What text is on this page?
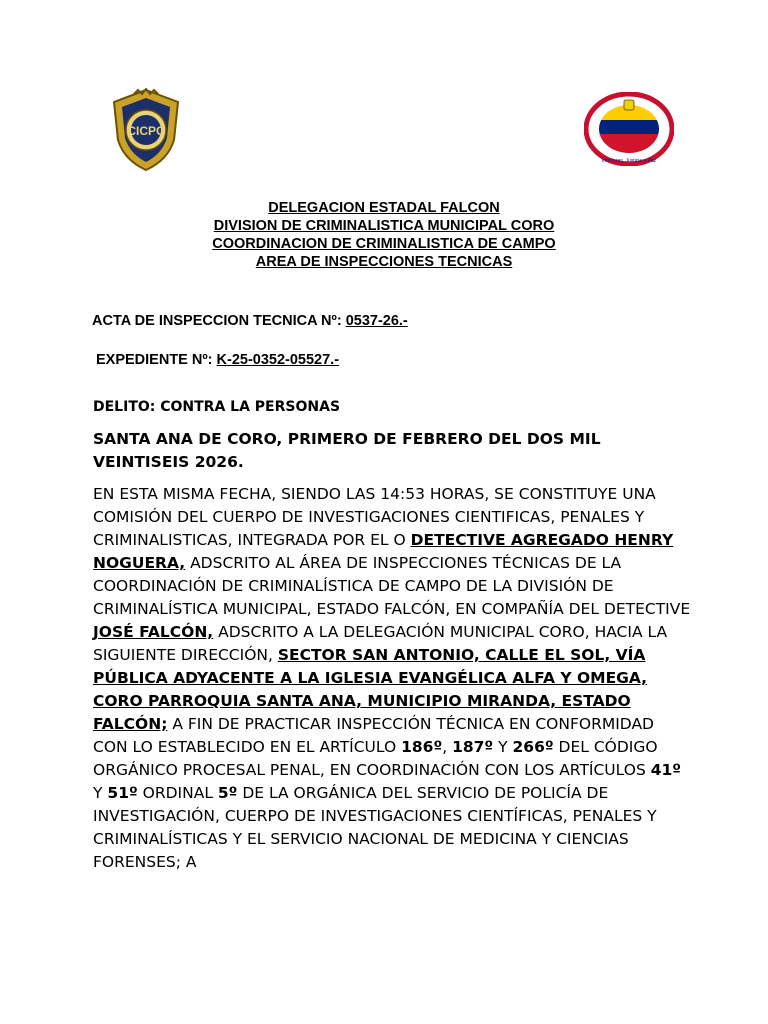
CICPC
Interiores, Justicia y Paz
DELEGACION ESTADAL FALCON
DIVISION DE CRIMINALISTICA MUNICIPAL CORO
COORDINACION DE CRIMINALISTICA DE CAMPO
AREA DE INSPECCIONES TECNICAS
ACTA DE INSPECCION TECNICA Nº: 0537-26.-
EXPEDIENTE Nº: K-25-0352-05527.-
DELITO: CONTRA LA PERSONAS
SANTA ANA DE CORO, PRIMERO DE FEBRERO DEL DOS MIL VEINTISEIS 2026.
EN ESTA MISMA FECHA, SIENDO LAS 14:53 HORAS, SE CONSTITUYE UNA COMISIÓN DEL CUERPO DE INVESTIGACIONES CIENTIFICAS, PENALES Y CRIMINALISTICAS, INTEGRADA POR EL O DETECTIVE AGREGADO HENRY NOGUERA, ADSCRITO AL ÁREA DE INSPECCIONES TÉCNICAS DE LA COORDINACIÓN DE CRIMINALÍSTICA DE CAMPO DE LA DIVISIÓN DE CRIMINALÍSTICA MUNICIPAL, ESTADO FALCÓN, EN COMPAÑÍA DEL DETECTIVE JOSÉ FALCÓN, ADSCRITO A LA DELEGACIÓN MUNICIPAL CORO, HACIA LA SIGUIENTE DIRECCIÓN, SECTOR SAN ANTONIO, CALLE EL SOL, VÍA PÚBLICA ADYACENTE A LA IGLESIA EVANGÉLICA ALFA Y OMEGA, CORO PARROQUIA SANTA ANA, MUNICIPIO MIRANDA, ESTADO FALCÓN; A FIN DE PRACTICAR INSPECCIÓN TÉCNICA EN CONFORMIDAD CON LO ESTABLECIDO EN EL ARTÍCULO 186º, 187º Y 266º DEL CÓDIGO ORGÁNICO PROCESAL PENAL, EN COORDINACIÓN CON LOS ARTÍCULOS 41º Y 51º ORDINAL 5º DE LA ORGÁNICA DEL SERVICIO DE POLICÍA DE INVESTIGACIÓN, CUERPO DE INVESTIGACIONES CIENTÍFICAS, PENALES Y CRIMINALÍSTICAS Y EL SERVICIO NACIONAL DE MEDICINA Y CIENCIAS FORENSES; A
